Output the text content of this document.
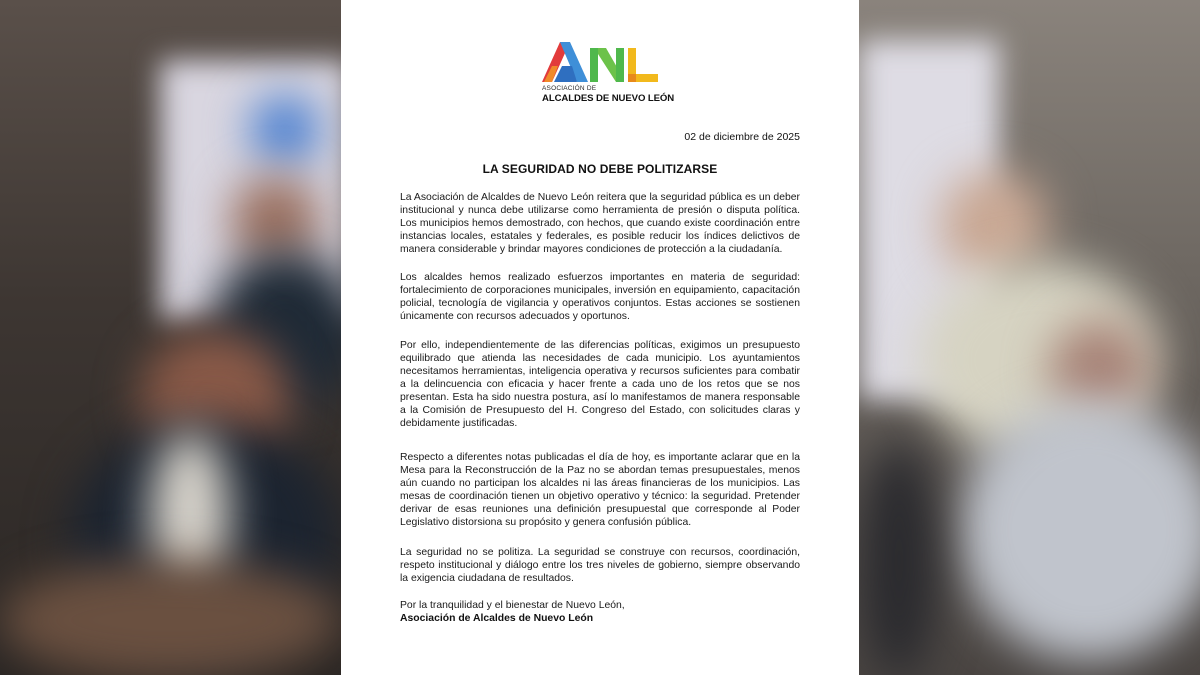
ASOCIACIÓN DE
ALCALDES DE NUEVO LEÓN
02 de diciembre de 2025
LA SEGURIDAD NO DEBE POLITIZARSE

La Asociación de Alcaldes de Nuevo León reitera que la seguridad pública es un deber institucional y nunca debe utilizarse como herramienta de presión o disputa política. Los municipios hemos demostrado, con hechos, que cuando existe coordinación entre instancias locales, estatales y federales, es posible reducir los índices delictivos de manera considerable y brindar mayores condiciones de protección a la ciudadanía.

Los alcaldes hemos realizado esfuerzos importantes en materia de seguridad: fortalecimiento de corporaciones municipales, inversión en equipamiento, capacitación policial, tecnología de vigilancia y operativos conjuntos. Estas acciones se sostienen únicamente con recursos adecuados y oportunos.

Por ello, independientemente de las diferencias políticas, exigimos un presupuesto equilibrado que atienda las necesidades de cada municipio. Los ayuntamientos necesitamos herramientas, inteligencia operativa y recursos suficientes para combatir a la delincuencia con eficacia y hacer frente a cada uno de los retos que se nos presentan. Esta ha sido nuestra postura, así lo manifestamos de manera responsable a la Comisión de Presupuesto del H. Congreso del Estado, con solicitudes claras y debidamente justificadas.

Respecto a diferentes notas publicadas el día de hoy, es importante aclarar que en la Mesa para la Reconstrucción de la Paz no se abordan temas presupuestales, menos aún cuando no participan los alcaldes ni las áreas financieras de los municipios. Las mesas de coordinación tienen un objetivo operativo y técnico: la seguridad. Pretender derivar de esas reuniones una definición presupuestal que corresponde al Poder Legislativo distorsiona su propósito y genera confusión pública.

La seguridad no se politiza. La seguridad se construye con recursos, coordinación, respeto institucional y diálogo entre los tres niveles de gobierno, siempre observando la exigencia ciudadana de resultados.

Por la tranquilidad y el bienestar de Nuevo León,

Asociación de Alcaldes de Nuevo León
